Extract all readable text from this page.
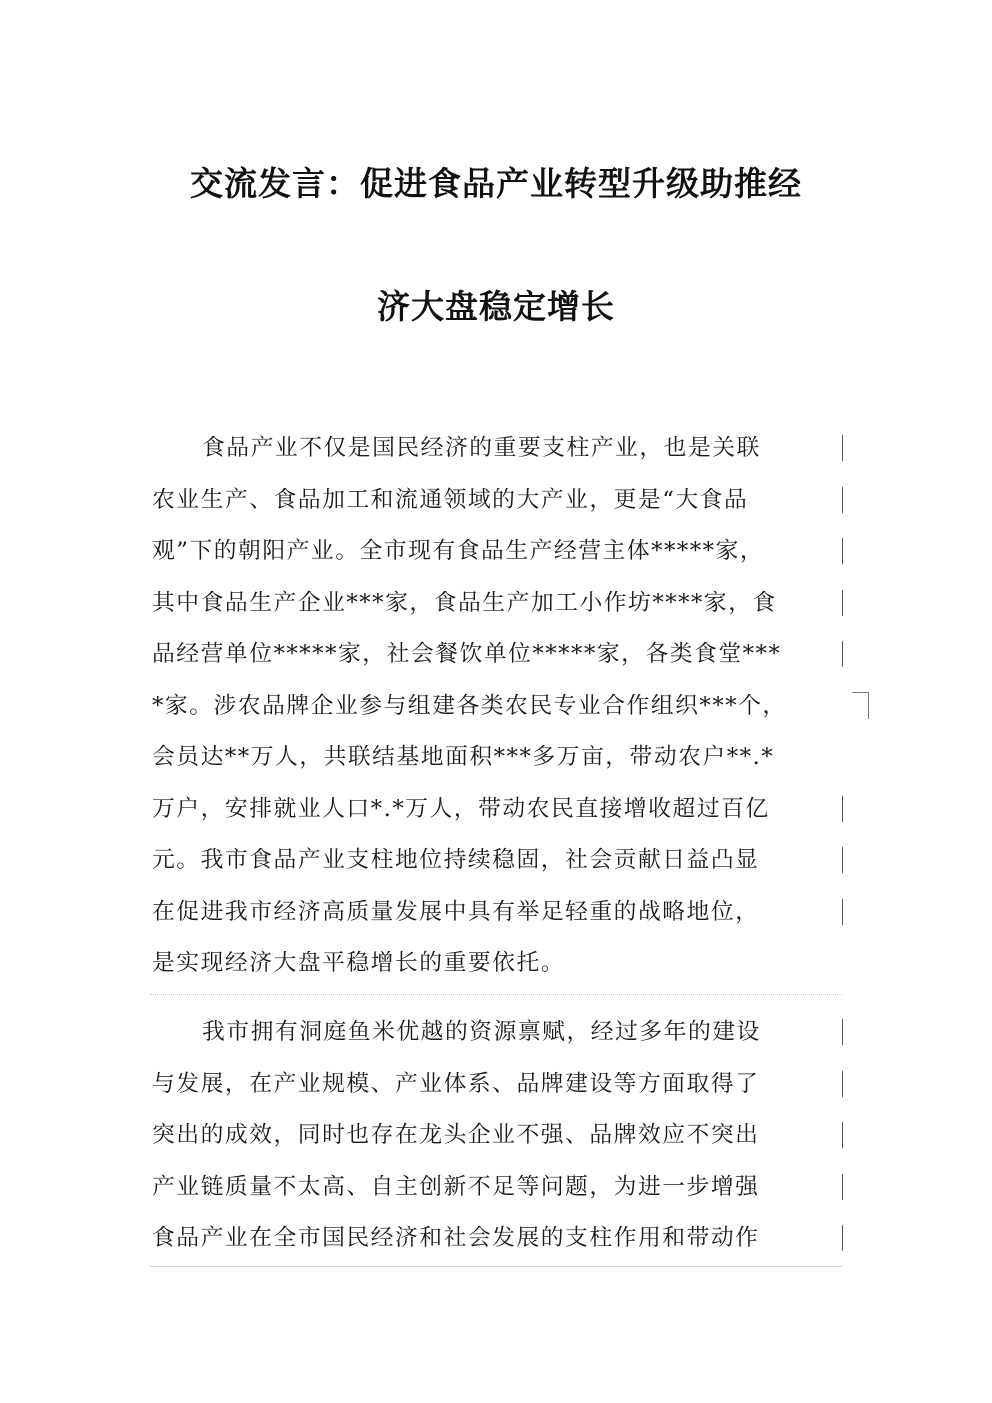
交流发言：促进食品产业转型升级助推经
济大盘稳定增长
食品产业不仅是国民经济的重要支柱产业，也是关联
农业生产、食品加工和流通领域的大产业，更是“大食品
观”下的朝阳产业。全市现有食品生产经营主体*****家，
其中食品生产企业***家，食品生产加工小作坊****家，食
品经营单位*****家，社会餐饮单位*****家，各类食堂***
*家。涉农品牌企业参与组建各类农民专业合作组织***个，
会员达**万人，共联结基地面积***多万亩，带动农户**.*
万户，安排就业人口*.*万人，带动农民直接增收超过百亿
元。我市食品产业支柱地位持续稳固，社会贡献日益凸显
在促进我市经济高质量发展中具有举足轻重的战略地位，
是实现经济大盘平稳增长的重要依托。
我市拥有洞庭鱼米优越的资源禀赋，经过多年的建设
与发展，在产业规模、产业体系、品牌建设等方面取得了
突出的成效，同时也存在龙头企业不强、品牌效应不突出
产业链质量不太高、自主创新不足等问题，为进一步增强
食品产业在全市国民经济和社会发展的支柱作用和带动作
